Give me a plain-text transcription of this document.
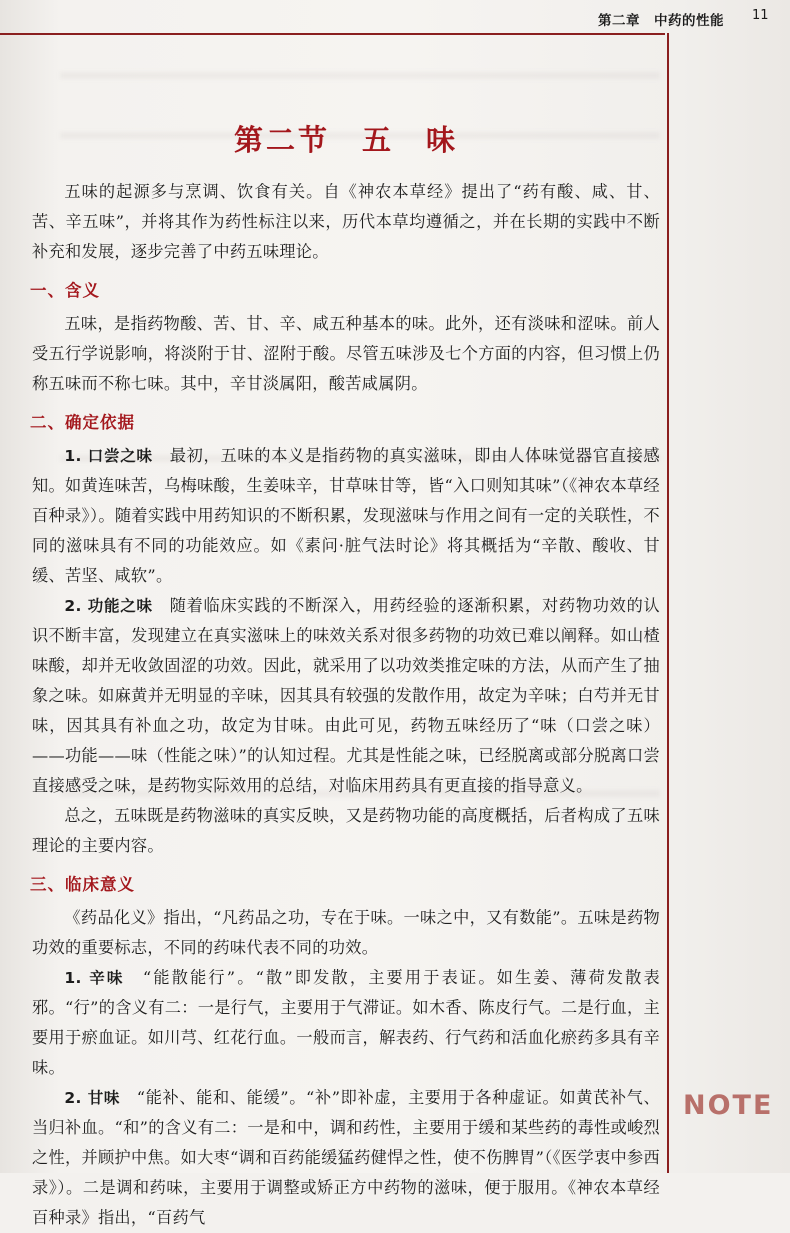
第二章　中药的性能 11
第二节　五　味

五味的起源多与烹调、饮食有关。自《神农本草经》提出了“药有酸、咸、甘、苦、辛五味”，并将其作为药性标注以来，历代本草均遵循之，并在长期的实践中不断补充和发展，逐步完善了中药五味理论。

一、含义

五味，是指药物酸、苦、甘、辛、咸五种基本的味。此外，还有淡味和涩味。前人受五行学说影响，将淡附于甘、涩附于酸。尽管五味涉及七个方面的内容，但习惯上仍称五味而不称七味。其中，辛甘淡属阳，酸苦咸属阴。

二、确定依据

1. 口尝之味　 最初，五味的本义是指药物的真实滋味，即由人体味觉器官直接感知。如黄连味苦，乌梅味酸，生姜味辛，甘草味甘等，皆“入口则知其味”（《神农本草经百种录》）。随着实践中用药知识的不断积累，发现滋味与作用之间有一定的关联性，不同的滋味具有不同的功能效应。如《素问·脏气法时论》将其概括为“辛散、酸收、甘缓、苦坚、咸软”。

2. 功能之味　 随着临床实践的不断深入，用药经验的逐渐积累，对药物功效的认识不断丰富，发现建立在真实滋味上的味效关系对很多药物的功效已难以阐释。如山楂味酸，却并无收敛固涩的功效。因此，就采用了以功效类推定味的方法，从而产生了抽象之味。如麻黄并无明显的辛味，因其具有较强的发散作用，故定为辛味；白芍并无甘味，因其具有补血之功，故定为甘味。由此可见，药物五味经历了“味（口尝之味）——功能——味（性能之味）”的认知过程。尤其是性能之味，已经脱离或部分脱离口尝直接感受之味，是药物实际效用的总结，对临床用药具有更直接的指导意义。

总之，五味既是药物滋味的真实反映，又是药物功能的高度概括，后者构成了五味理论的主要内容。

三、临床意义

《药品化义》指出，“凡药品之功，专在于味。一味之中，又有数能”。五味是药物功效的重要标志，不同的药味代表不同的功效。

1. 辛味　 “能散能行”。“散”即发散，主要用于表证。如生姜、薄荷发散表邪。“行”的含义有二：一是行气，主要用于气滞证。如木香、陈皮行气。二是行血，主要用于瘀血证。如川芎、红花行血。一般而言，解表药、行气药和活血化瘀药多具有辛味。

2. 甘味　 “能补、能和、能缓”。“补”即补虚，主要用于各种虚证。如黄芪补气、当归补血。“和”的含义有二：一是和中，调和药性，主要用于缓和某些药的毒性或峻烈之性，并顾护中焦。如大枣“调和百药能缓猛药健悍之性，使不伤脾胃”（《医学衷中参西录》）。二是调和药味，主要用于调整或矫正方中药物的滋味，便于服用。《神农本草经百种录》指出，“百药气

NOTE
